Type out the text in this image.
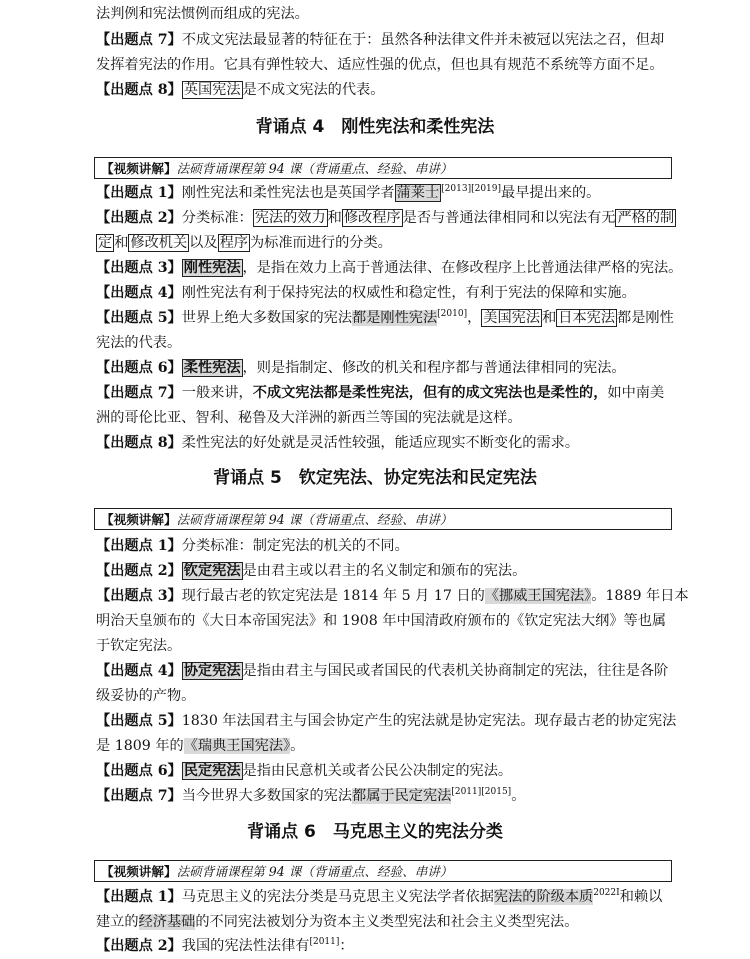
法判例和宪法惯例而组成的宪法。
【出题点 7】不成文宪法最显著的特征在于：虽然各种法律文件并未被冠以宪法之召，但却
发挥着宪法的作用。它具有弹性较大、适应性强的优点，但也具有规范不系统等方面不足。
【出题点 8】 英国宪法 是不成文宪法的代表。
背诵点 4　刚性宪法和柔性宪法
【视频讲解】法硕背诵课程第 94 课（背诵重点、经验、串讲）
【出题点 1】刚性宪法和柔性宪法也是英国学者 蒲莱士 [2013][2019]最早提出来的。
【出题点 2】分类标准： 宪法的效力 和 修改程序 是否与普通法律相同和以宪法有无 严格的制
定 和 修改机关 以及 程序 为标准而进行的分类。
【出题点 3】 刚性宪法 ，是指在效力上高于普通法律、在修改程序上比普通法律严格的宪法。
【出题点 4】刚性宪法有利于保持宪法的权威性和稳定性，有利于宪法的保障和实施。
【出题点 5】世界上绝大多数国家的宪法都是刚性宪法[2010]， 美国宪法 和 日本宪法 都是刚性
宪法的代表。
【出题点 6】 柔性宪法 ，则是指制定、修改的机关和程序都与普通法律相同的宪法。
【出题点 7】一般来讲，不成文宪法都是柔性宪法，但有的成文宪法也是柔性的，如中南美
洲的哥伦比亚、智利、秘鲁及大洋洲的新西兰等国的宪法就是这样。
【出题点 8】柔性宪法的好处就是灵活性较强，能适应现实不断变化的需求。
背诵点 5　钦定宪法、协定宪法和民定宪法
【视频讲解】法硕背诵课程第 94 课（背诵重点、经验、串讲）
【出题点 1】分类标准：制定宪法的机关的不同。
【出题点 2】 钦定宪法 是由君主或以君主的名义制定和颁布的宪法。
【出题点 3】现行最古老的钦定宪法是 1814 年 5 月 17 日的《挪威王国宪法》。1889 年日本
明治天皇颁布的《大日本帝国宪法》和 1908 年中国清政府颁布的《钦定宪法大纲》等也属
于钦定宪法。
【出题点 4】 协定宪法 是指由君主与国民或者国民的代表机关协商制定的宪法，往往是各阶
级妥协的产物。
【出题点 5】1830 年法国君主与国会协定产生的宪法就是协定宪法。现存最古老的协定宪法
是 1809 年的《瑞典王国宪法》。
【出题点 6】 民定宪法 是指由民意机关或者公民公决制定的宪法。
【出题点 7】当今世界大多数国家的宪法都属于民定宪法[2011][2015]。
背诵点 6　马克思主义的宪法分类
【视频讲解】法硕背诵课程第 94 课（背诵重点、经验、串讲）
【出题点 1】马克思主义的宪法分类是马克思主义宪法学者依据宪法的阶级本质$^{2022I}$和赖以
建立的经济基础的不同宪法被划分为资本主义类型宪法和社会主义类型宪法。
【出题点 2】我国的宪法性法律有[2011]：
